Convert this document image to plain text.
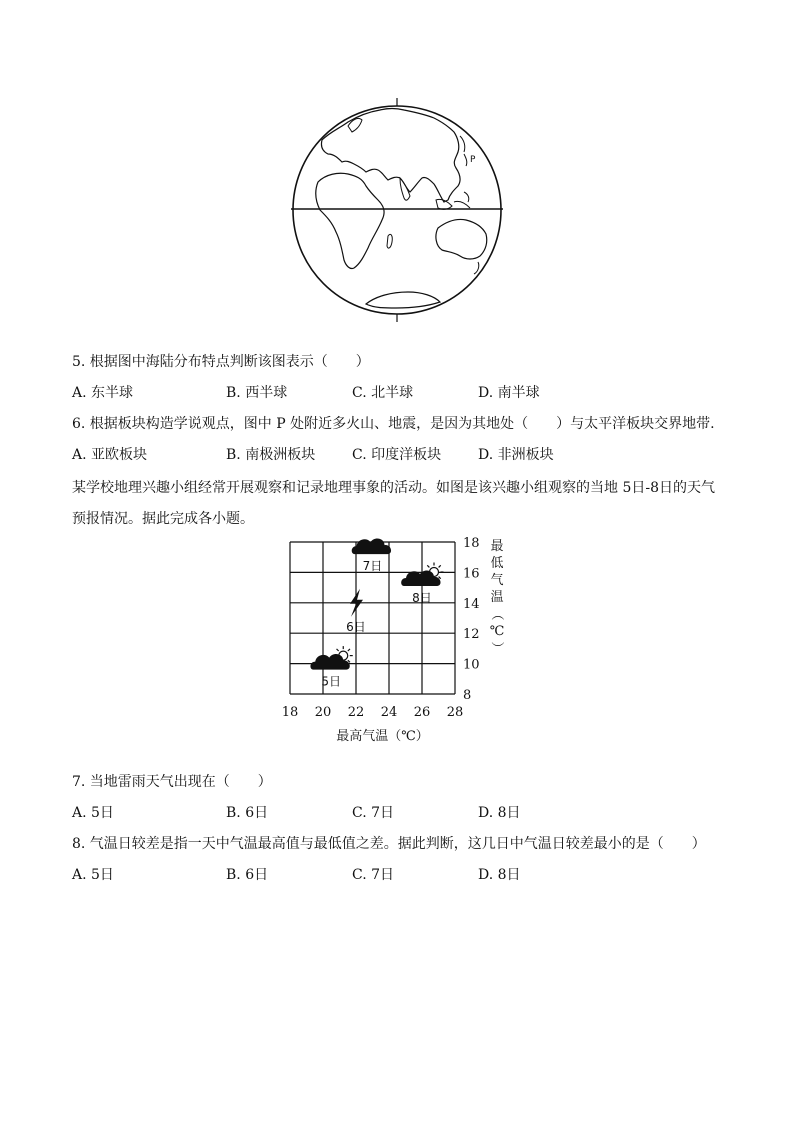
P
5. 根据图中海陆分布特点判断该图表示（　　）
A. 东半球	B. 西半球	C. 北半球	D. 南半球
6. 根据板块构造学说观点，图中 P 处附近多火山、地震，是因为其地处（　　）与太平洋板块交界地带.
A. 亚欧板块	B. 南极洲板块	C. 印度洋板块	D. 非洲板块
某学校地理兴趣小组经常开展观察和记录地理事象的活动。如图是该兴趣小组观察的当地 5日-8日的天气
预报情况。据此完成各小题。
18 20 22 24 26 28
18
16
14
12
10
8
最高气温（℃）
最
低
气
温
（
℃
）
5日
6日
7日
8日
7. 当地雷雨天气出现在（　　）
A. 5日	B. 6日	C. 7日	D. 8日
8. 气温日较差是指一天中气温最高值与最低值之差。据此判断，这几日中气温日较差最小的是（　　）
A. 5日	B. 6日	C. 7日	D. 8日
